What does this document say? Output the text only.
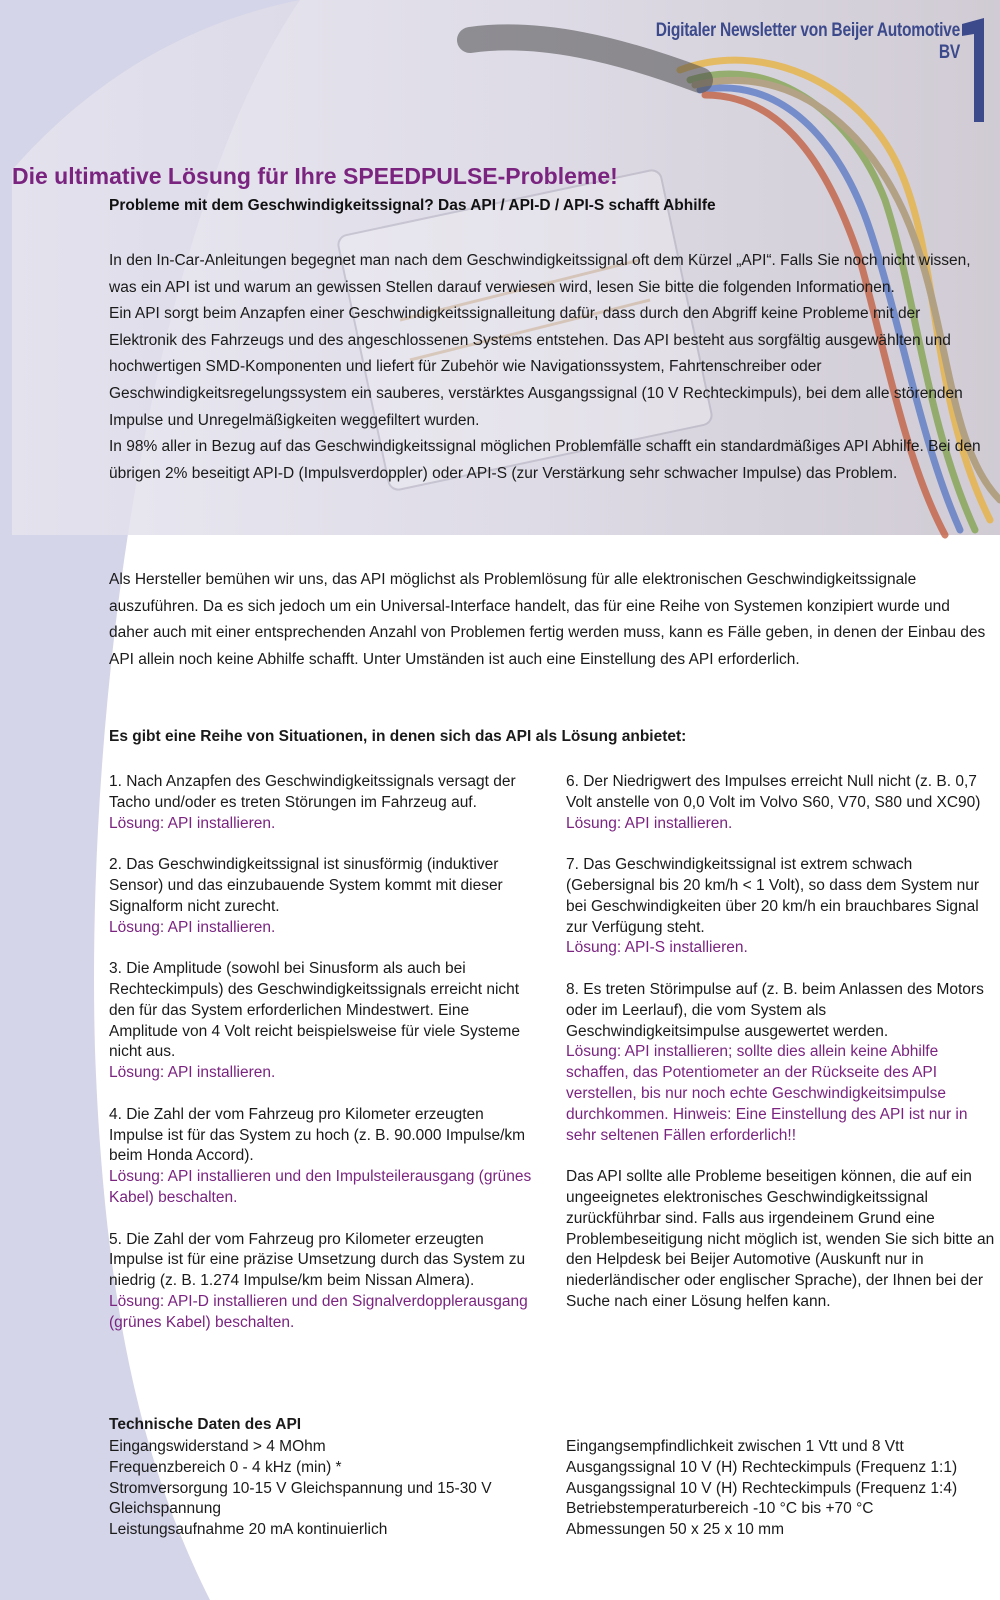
Digitaler Newsletter von Beijer Automotive BV
Die ultimative Lösung für Ihre SPEEDPULSE-Probleme!
Probleme mit dem Geschwindigkeitssignal? Das API / API-D / API-S schafft Abhilfe

In den In-Car-Anleitungen begegnet man nach dem Geschwindigkeitssignal oft dem Kürzel „API“. Falls Sie noch nicht wissen, was ein API ist und warum an gewissen Stellen darauf verwiesen wird, lesen Sie bitte die folgenden Informationen.

Ein API sorgt beim Anzapfen einer Geschwindigkeitssignalleitung dafür, dass durch den Abgriff keine Probleme mit der Elektronik des Fahrzeugs und des angeschlossenen Systems entstehen. Das API besteht aus sorgfältig ausgewählten und hochwertigen SMD-Komponenten und liefert für Zubehör wie Navigationssystem, Fahrtenschreiber oder Geschwindigkeitsregelungssystem ein sauberes, verstärktes Ausgangssignal (10 V Rechteckimpuls), bei dem alle störenden Impulse und Unregelmäßigkeiten weggefiltert wurden.

In 98% aller in Bezug auf das Geschwindigkeitssignal möglichen Problemfälle schafft ein standardmäßiges API Abhilfe. Bei den übrigen 2% beseitigt API-D (Impulsverdoppler) oder API-S (zur Verstärkung sehr schwacher Impulse) das Problem.

Als Hersteller bemühen wir uns, das API möglichst als Problemlösung für alle elektronischen Geschwindigkeitssignale auszuführen. Da es sich jedoch um ein Universal-Interface handelt, das für eine Reihe von Systemen konzipiert wurde und daher auch mit einer entsprechenden Anzahl von Problemen fertig werden muss, kann es Fälle geben, in denen der Einbau des API allein noch keine Abhilfe schafft. Unter Umständen ist auch eine Einstellung des API erforderlich.

Es gibt eine Reihe von Situationen, in denen sich das API als Lösung anbietet:
1. Nach Anzapfen des Geschwindigkeitssignals versagt der Tacho und/oder es treten Störungen im Fahrzeug auf.
Lösung: API installieren.
2. Das Geschwindigkeitssignal ist sinusförmig (induktiver Sensor) und das einzubauende System kommt mit dieser Signalform nicht zurecht.
Lösung: API installieren.
3. Die Amplitude (sowohl bei Sinusform als auch bei Rechteckimpuls) des Geschwindigkeitssignals erreicht nicht den für das System erforderlichen Mindestwert. Eine Amplitude von 4 Volt reicht beispielsweise für viele Systeme nicht aus.
Lösung: API installieren.
4. Die Zahl der vom Fahrzeug pro Kilometer erzeugten Impulse ist für das System zu hoch (z. B. 90.000 Impulse/km beim Honda Accord).
Lösung: API installieren und den Impulsteilerausgang (grünes Kabel) beschalten.
5. Die Zahl der vom Fahrzeug pro Kilometer erzeugten Impulse ist für eine präzise Umsetzung durch das System zu niedrig (z. B. 1.274 Impulse/km beim Nissan Almera).
Lösung: API-D installieren und den Signalverdopplerausgang (grünes Kabel) beschalten.
6. Der Niedrigwert des Impulses erreicht Null nicht (z. B. 0,7 Volt anstelle von 0,0 Volt im Volvo S60, V70, S80 und XC90)
Lösung: API installieren.
7. Das Geschwindigkeitssignal ist extrem schwach (Gebersignal bis 20 km/h < 1 Volt), so dass dem System nur bei Geschwindigkeiten über 20 km/h ein brauchbares Signal zur Verfügung steht.
Lösung: API-S installieren.
8. Es treten Störimpulse auf (z. B. beim Anlassen des Motors oder im Leerlauf), die vom System als Geschwindigkeitsimpulse ausgewertet werden.
Lösung: API installieren; sollte dies allein keine Abhilfe schaffen, das Potentiometer an der Rückseite des API verstellen, bis nur noch echte Geschwindigkeitsimpulse durchkommen. Hinweis: Eine Einstellung des API ist nur in sehr seltenen Fällen erforderlich!!
Das API sollte alle Probleme beseitigen können, die auf ein ungeeignetes elektronisches Geschwindigkeitssignal zurückführbar sind. Falls aus irgendeinem Grund eine Problembeseitigung nicht möglich ist, wenden Sie sich bitte an den Helpdesk bei Beijer Automotive (Auskunft nur in niederländischer oder englischer Sprache), der Ihnen bei der Suche nach einer Lösung helfen kann.
Technische Daten des API
Eingangswiderstand > 4 MOhm
Frequenzbereich 0 - 4 kHz (min) *
Stromversorgung 10-15 V Gleichspannung und 15-30 V Gleichspannung
Leistungsaufnahme 20 mA kontinuierlich
Eingangsempfindlichkeit zwischen 1 Vtt und 8 Vtt
Ausgangssignal 10 V (H) Rechteckimpuls (Frequenz 1:1)
Ausgangssignal 10 V (H) Rechteckimpuls (Frequenz 1:4)
Betriebstemperaturbereich -10 °C bis +70 °C
Abmessungen 50 x 25 x 10 mm
